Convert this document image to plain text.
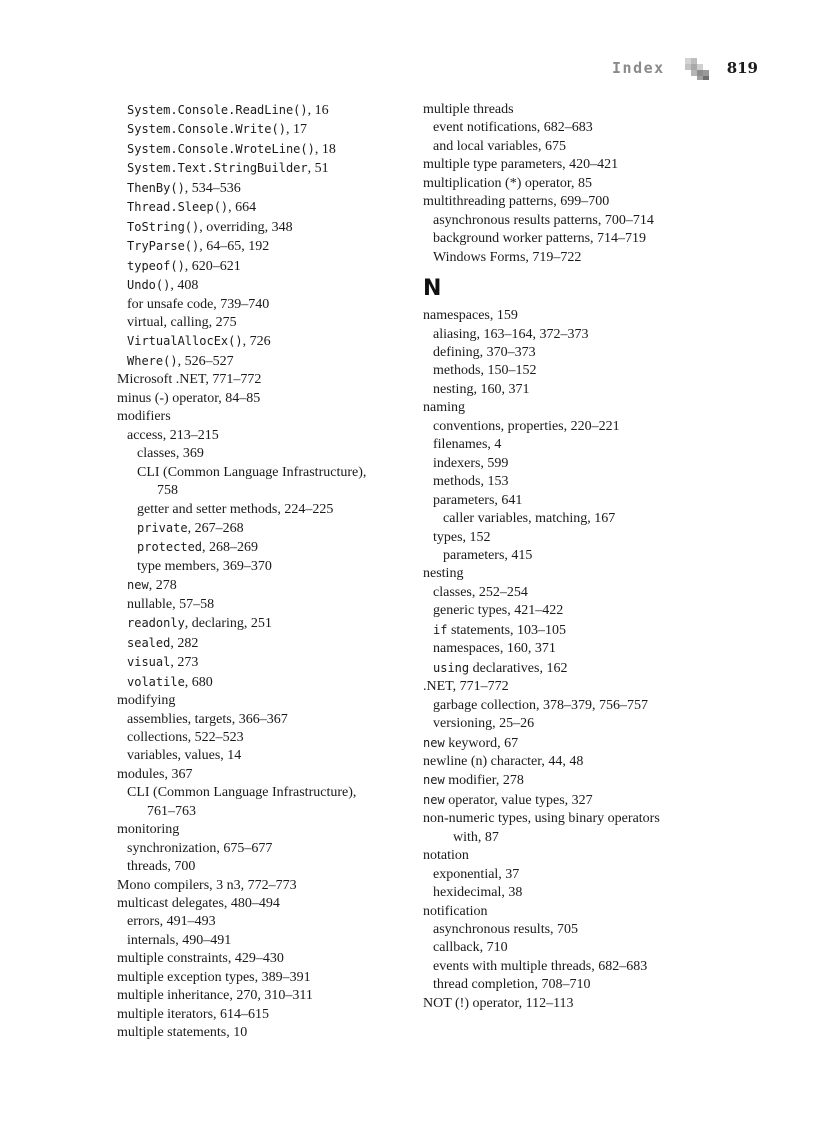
Index	819
System.Console.ReadLine(), 16
System.Console.Write(), 17
System.Console.WroteLine(), 18
System.Text.StringBuilder, 51
ThenBy(), 534–536
Thread.Sleep(), 664
ToString(), overriding, 348
TryParse(), 64–65, 192
typeof(), 620–621
Undo(), 408
for unsafe code, 739–740
virtual, calling, 275
VirtualAllocEx(), 726
Where(), 526–527
Microsoft .NET, 771–772
minus (-) operator, 84–85
modifiers
access, 213–215
classes, 369
CLI (Common Language Infrastructure),
758
getter and setter methods, 224–225
private, 267–268
protected, 268–269
type members, 369–370
new, 278
nullable, 57–58
readonly, declaring, 251
sealed, 282
visual, 273
volatile, 680
modifying
assemblies, targets, 366–367
collections, 522–523
variables, values, 14
modules, 367
CLI (Common Language Infrastructure),
761–763
monitoring
synchronization, 675–677
threads, 700
Mono compilers, 3 n3, 772–773
multicast delegates, 480–494
errors, 491–493
internals, 490–491
multiple constraints, 429–430
multiple exception types, 389–391
multiple inheritance, 270, 310–311
multiple iterators, 614–615
multiple statements, 10
multiple threads
event notifications, 682–683
and local variables, 675
multiple type parameters, 420–421
multiplication (*) operator, 85
multithreading patterns, 699–700
asynchronous results patterns, 700–714
background worker patterns, 714–719
Windows Forms, 719–722
N
namespaces, 159
aliasing, 163–164, 372–373
defining, 370–373
methods, 150–152
nesting, 160, 371
naming
conventions, properties, 220–221
filenames, 4
indexers, 599
methods, 153
parameters, 641
caller variables, matching, 167
types, 152
parameters, 415
nesting
classes, 252–254
generic types, 421–422
if statements, 103–105
namespaces, 160, 371
using declaratives, 162
.NET, 771–772
garbage collection, 378–379, 756–757
versioning, 25–26
new keyword, 67
newline (n) character, 44, 48
new modifier, 278
new operator, value types, 327
non-numeric types, using binary operators
with, 87
notation
exponential, 37
hexidecimal, 38
notification
asynchronous results, 705
callback, 710
events with multiple threads, 682–683
thread completion, 708–710
NOT (!) operator, 112–113
